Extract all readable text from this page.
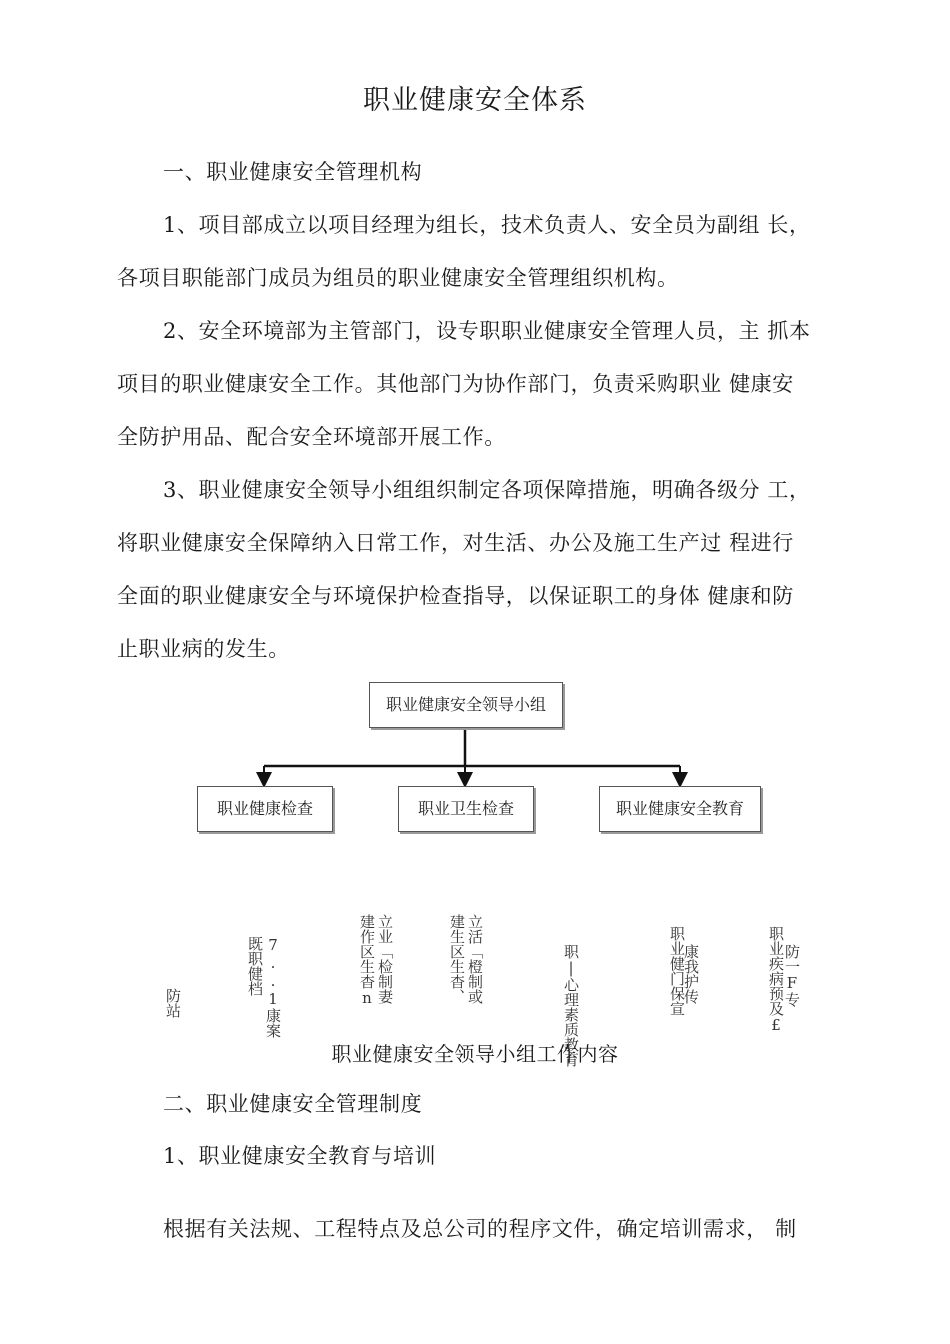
职业健康安全体系
一、职业健康安全管理机构
1、项目部成立以项目经理为组长，技术负责人、安全员为副组 长，
各项目职能部门成员为组员的职业健康安全管理组织机构。
2、安全环境部为主管部门，设专职职业健康安全管理人员，主 抓本
项目的职业健康安全工作。其他部门为协作部门，负责采购职业 健康安
全防护用品、配合安全环境部开展工作。
3、职业健康安全领导小组组织制定各项保障措施，明确各级分 工，
将职业健康安全保障纳入日常工作，对生活、办公及施工生产过 程进行
全面的职业健康安全与环境保护检查指导，以保证职工的身体 健康和防
止职业病的发生。
职业健康安全领导小组
职业健康检查	职业卫生检查	职业健康安全教育
防站
既职健档 7..1康案	建作区生杳n 立业「检制妻	建生区生杳、 立活「橙制或	职|心理素质教育	职业健门保宣
康我护传	职业疾病预及£
防一F专
职业健康安全领导小组工作内容
二、职业健康安全管理制度
1、职业健康安全教育与培训
根据有关法规、工程特点及总公司的程序文件，确定培训需求， 制
